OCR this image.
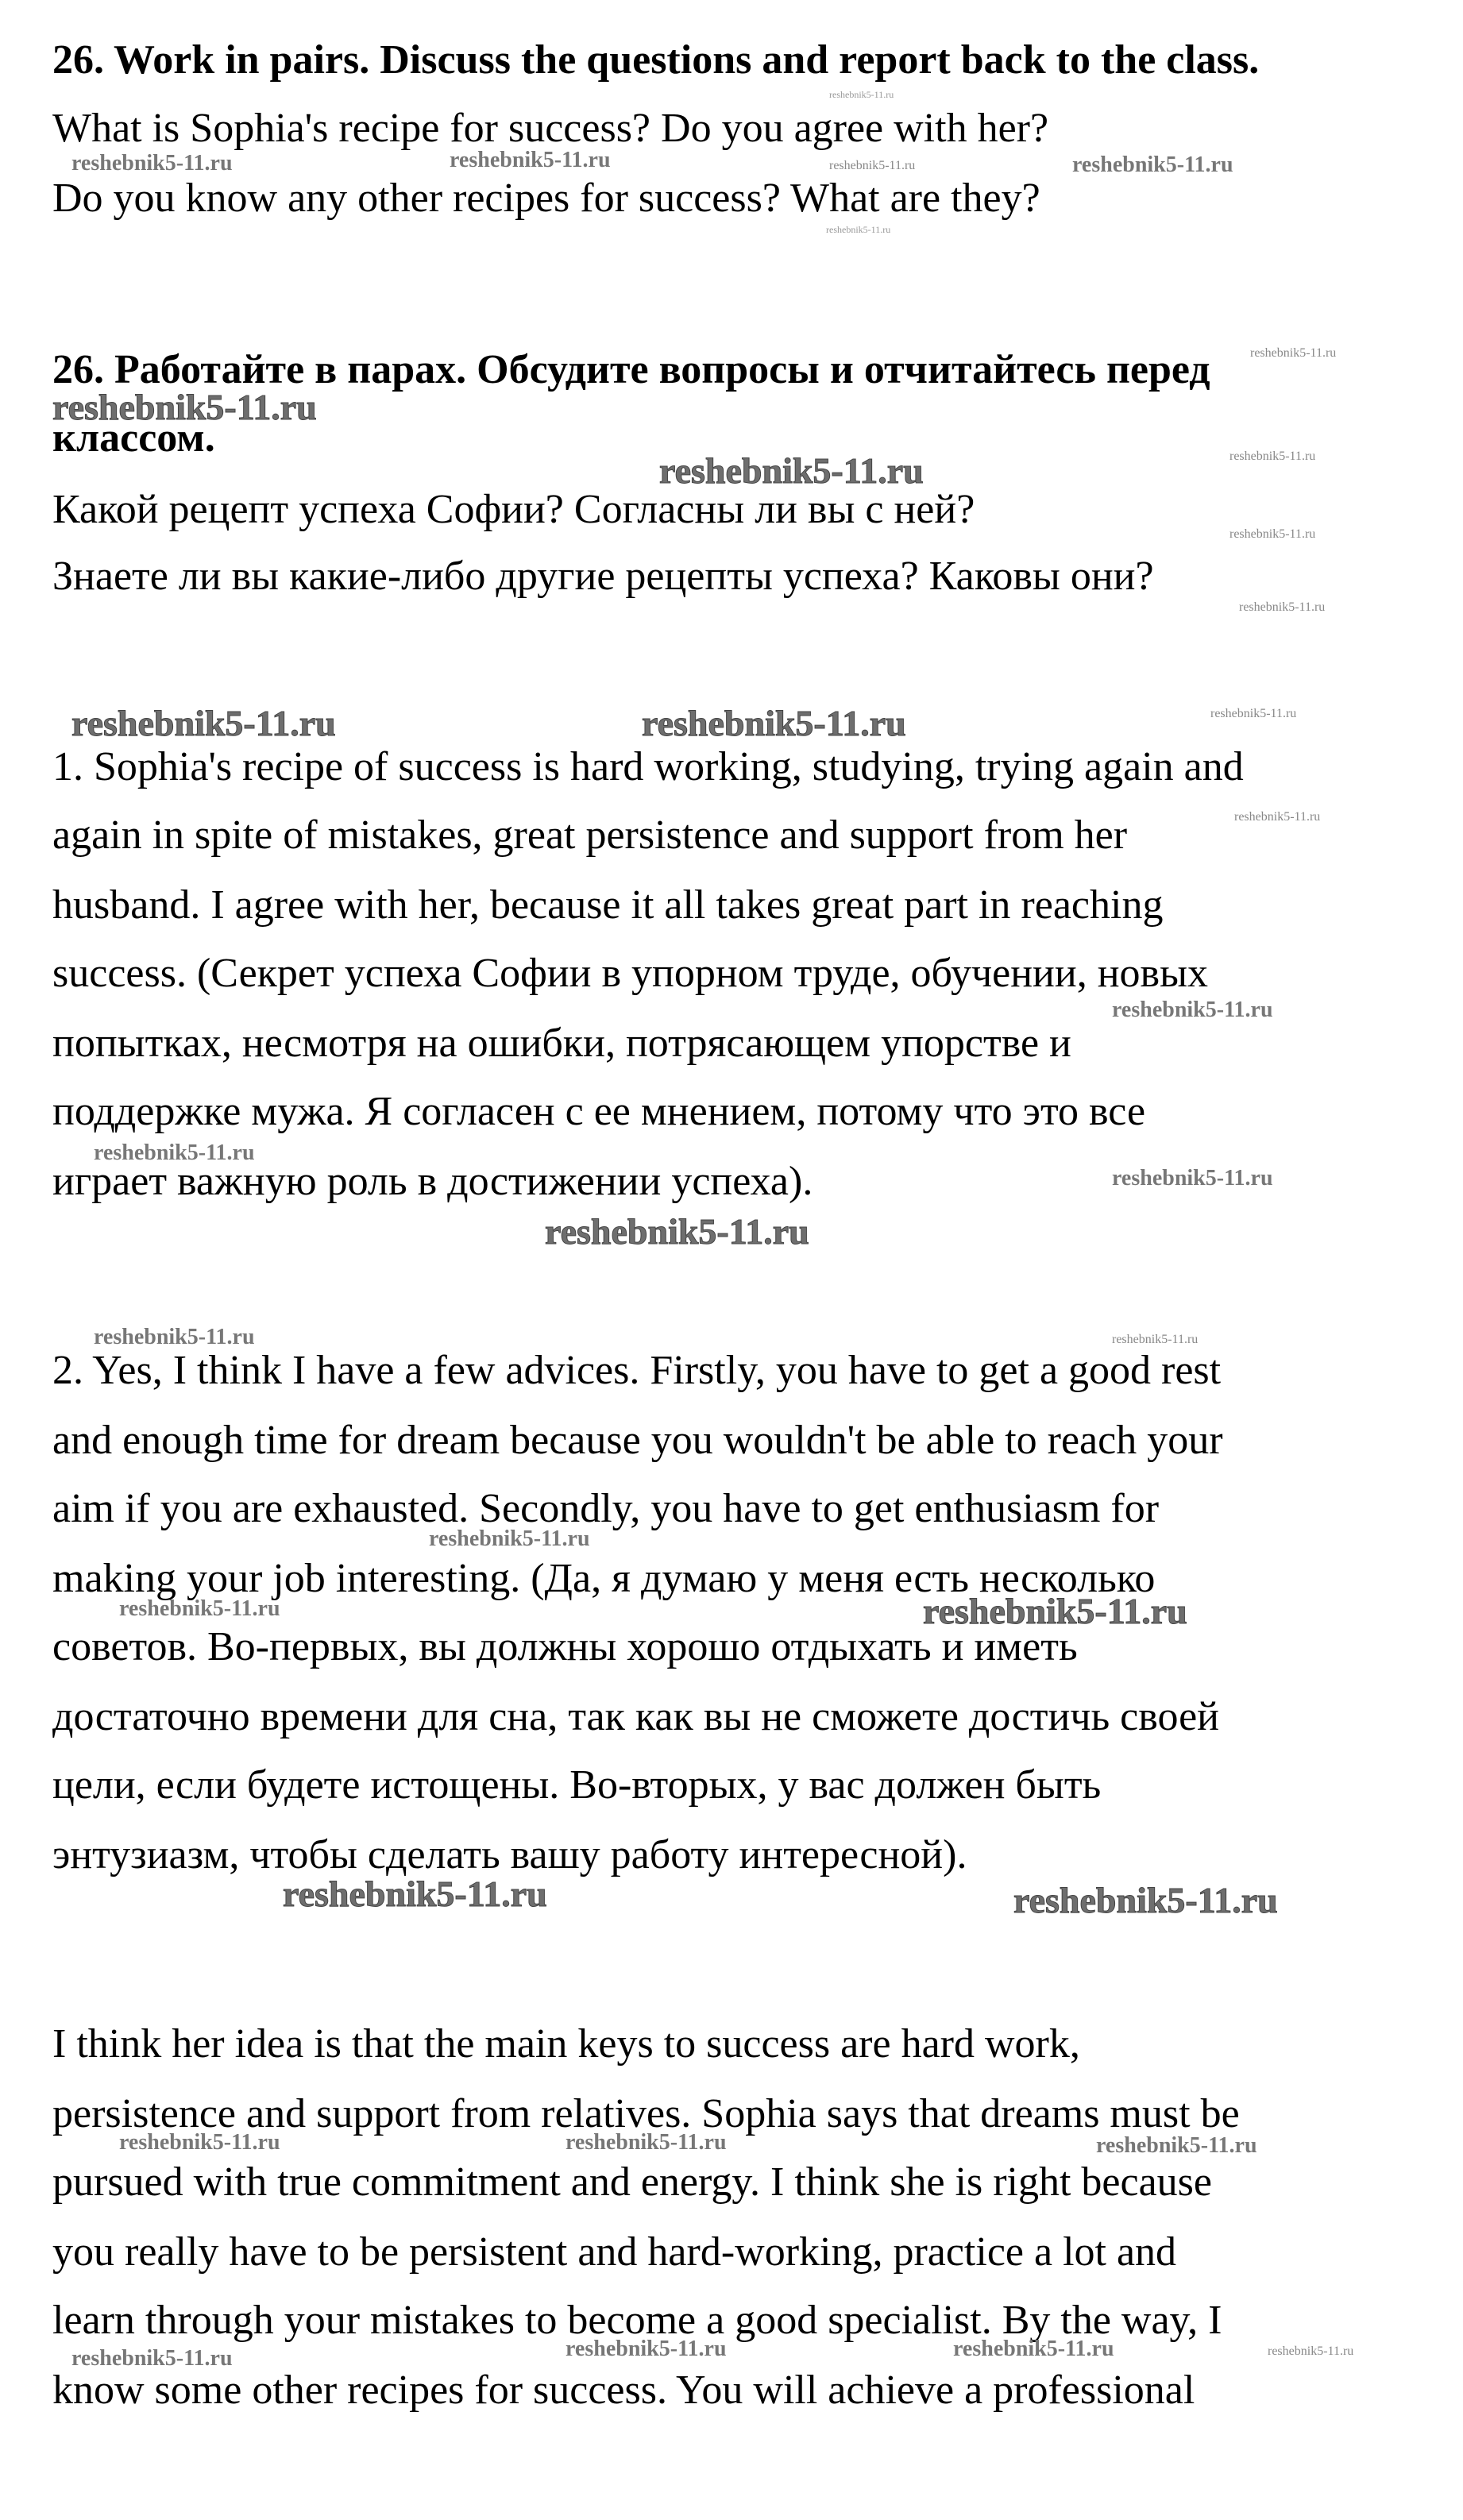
26. Work in pairs. Discuss the questions and report back to the class.
What is Sophia's recipe for success? Do you agree with her?
Do you know any other recipes for success? What are they?
26. Работайте в парах. Обсудите вопросы и отчитайтесь перед
классом.
Какой рецепт успеха Софии? Согласны ли вы с ней?
Знаете ли вы какие-либо другие рецепты успеха? Каковы они?
1. Sophia's recipe of success is hard working, studying, trying again and
again in spite of mistakes, great persistence and support from her
husband. I agree with her, because it all takes great part in reaching
success. (Секрет успеха Софии в упорном труде, обучении, новых
попытках, несмотря на ошибки, потрясающем упорстве и
поддержке мужа. Я согласен с ее мнением, потому что это все
играет важную роль в достижении успеха).
2. Yes, I think I have a few advices. Firstly, you have to get a good rest
and enough time for dream because you wouldn't be able to reach your
aim if you are exhausted. Secondly, you have to get enthusiasm for
making your job interesting. (Да, я думаю у меня есть несколько
советов. Во-первых, вы должны хорошо отдыхать и иметь
достаточно времени для сна, так как вы не сможете достичь своей
цели, если будете истощены. Во-вторых, у вас должен быть
энтузиазм, чтобы сделать вашу работу интересной).
I think her idea is that the main keys to success are hard work,
persistence and support from relatives. Sophia says that dreams must be
pursued with true commitment and energy. I think she is right because
you really have to be persistent and hard-working, practice a lot and
learn through your mistakes to become a good specialist. By the way, I
know some other recipes for success. You will achieve a professional
reshebnik5-11.ru
reshebnik5-11.ru	reshebnik5-11.ru	reshebnik5-11.ru	reshebnik5-11.ru
reshebnik5-11.ru
reshebnik5-11.ru
reshebnik5-11.ru
reshebnik5-11.ru
reshebnik5-11.ru
reshebnik5-11.ru
reshebnik5-11.ru
reshebnik5-11.ru	reshebnik5-11.ru	reshebnik5-11.ru
reshebnik5-11.ru
reshebnik5-11.ru
reshebnik5-11.ru
reshebnik5-11.ru
reshebnik5-11.ru
reshebnik5-11.ru	reshebnik5-11.ru
reshebnik5-11.ru
reshebnik5-11.ru	reshebnik5-11.ru
reshebnik5-11.ru	reshebnik5-11.ru
reshebnik5-11.ru	reshebnik5-11.ru	reshebnik5-11.ru
reshebnik5-11.ru	reshebnik5-11.ru	reshebnik5-11.ru	reshebnik5-11.ru
